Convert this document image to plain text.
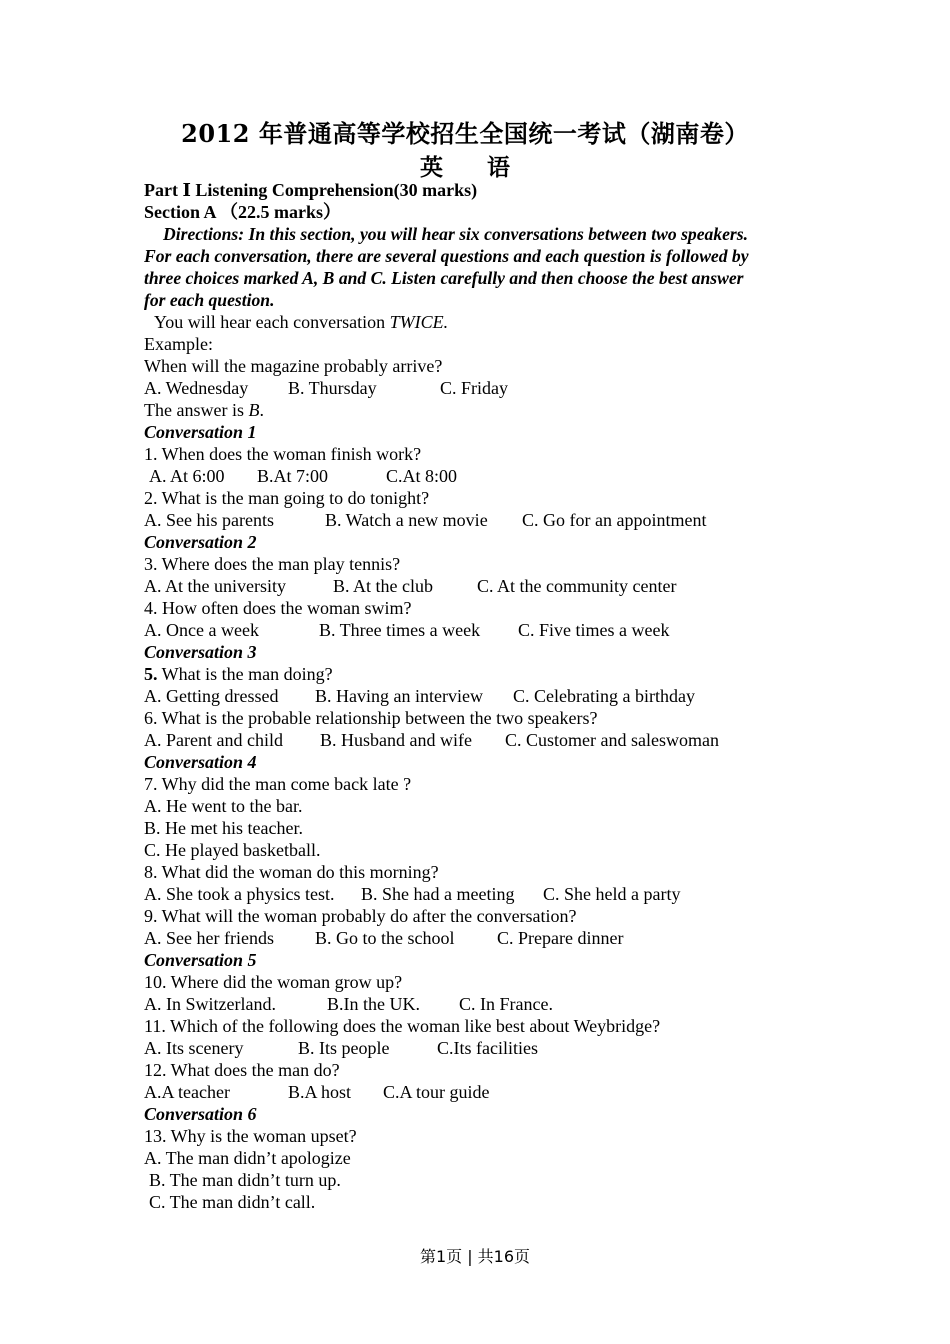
2012 年普通高等学校招生全国统一考试（湖南卷）
英 语
Part Ⅰ Listening Comprehension(30 marks)
Section A （22.5 marks）
Directions: In this section, you will hear six conversations between two speakers.
For each conversation, there are several questions and each question is followed by
three choices marked A, B and C. Listen carefully and then choose the best answer
for each question.
You will hear each conversation TWICE.
Example:
When will the magazine probably arrive?
A. Wednesday B. Thursday	C. Friday
The answer is B.
Conversation 1
1. When does the woman finish work?
A. At 6:00 B.At 7:00	C.At 8:00
2. What is the man going to do tonight?
A. See his parents	B. Watch a new movie C. Go for an appointment
Conversation 2
3. Where does the man play tennis?
A. At the university	B. At the club C. At the community center
4. How often does the woman swim?
A. Once a week	B. Three times a week C. Five times a week
Conversation 3
5. What is the man doing?
A. Getting dressed B. Having an interview C. Celebrating a birthday
6. What is the probable relationship between the two speakers?
A. Parent and child B. Husband and wife C. Customer and saleswoman
Conversation 4
7. Why did the man come back late ?
A. He went to the bar.
B. He met his teacher.
C. He played basketball.
8. What did the woman do this morning?
A. She took a physics test. B. She had a meeting C. She held a party
9. What will the woman probably do after the conversation?
A. See her friends B. Go to the school C. Prepare dinner
Conversation 5
10. Where did the woman grow up?
A. In Switzerland.	B.In the UK. C. In France.
11. Which of the following does the woman like best about Weybridge?
A. Its scenery	B. Its people	C.Its facilities
12. What does the man do?
A.A teacher	B.A host C.A tour guide
Conversation 6
13. Why is the woman upset?
A. The man didn’t apologize
B. The man didn’t turn up.
C. The man didn’t call.
第1页 | 共16页
